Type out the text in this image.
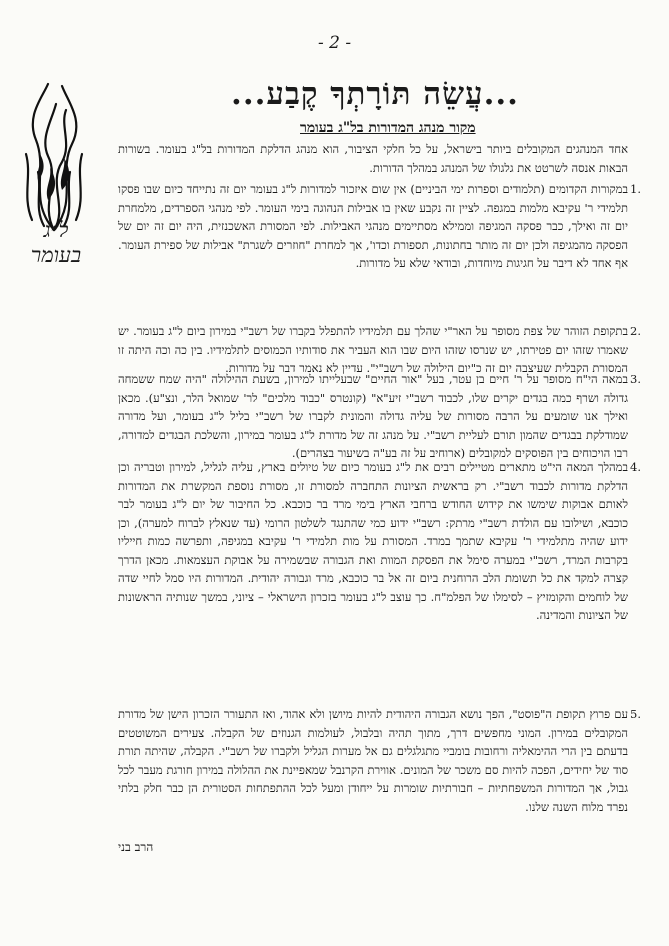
- 2 -
ל״ג בעומר
...עֲשֵׂה תּוֹרָתְךָ קֶבַע...
מקור מנהג המדורות בל"ג בעומר
אחד המנהגים המקובלים ביותר בישראל, על כל חלקי הציבור, הוא מנהג הדלקת המדורות בל"ג בעומר. בשורות הבאות אנסה לשרטט את גלגולו של המנהג במהלך הדורות.
1.
במקורות הקדומים (תלמודים וספרות ימי הביניים) אין שום איזכור למדורות ל"ג בעומר יום זה נתייחד כיום שבו פסקו תלמידי ר' עקיבא מלמות במגפה. לציין זה נקבע שאין בו אבילות הנהוגה בימי העומר. לפי מנהגי הספרדים, מלמחרת יום זה ואילך, כבר פסקה המגיפה וממילא מסתיימים מנהגי האבילות. לפי המסורת האשכנזית, היה יום זה יום של הפסקה מהמגיפה ולכן יום זה מותר בחתונות, תספורת וכדו', אך למחרת "חוזרים לשגרת" אבילות של ספירת העומר. אף אחד לא דיבר על חגיגות מיוחדות, ובודאי שלא על מדורות.
2.
בתקופת הזוהר של צפת מסופר על האר"י שהלך עם תלמידיו להתפלל בקברו של רשב"י במירון ביום ל"ג בעומר. יש שאמרו שזהו יום פטירתו, יש שנרסו שזהו היום שבו הוא העביר את סודותיו הכמוסים לתלמידיו. בין כה וכה היתה זו המסורת הקבלית שעיצבה יום זה כ"יום הילולה של רשב"י". עדיין לא נאמר דבר על מדורות.
3.
במאה הי"ח מסופר על ר' חיים בן עטר, בעל "אור החיים" שבעלייתו למירון, בשעת ההילולה "היה שמח ששמחה גדולה ושרף כמה בגדים יקרים שלו, לכבוד רשב"י זיע"א" (קונטרס "כבוד מלכים" לר' שמואל הלר, ונצ"ע). מכאן ואילך אנו שומעים על הרבה מסורות של עליה גדולה והמונית לקברו של רשב"י בליל ל"ג בעומר, ועל מדורה שמודלקת בבגדים שהמון תורם לעליית רשב"י. על מנהג זה של מדורת ל"ג בעומר במירון, והשלכת הבגדים למדורה, רבו הויכוחים בין הפוסקים למקובלים (ארוחיב על זה בע"ה בשיעור בצהרים).
4.
במהלך המאה הי"ט מתארים מטיילים רבים את ל"ג בעומר כיום של טיולים בארץ, עליה לגליל, למירון וטבריה וכן הדלקת מדורות לכבוד רשב"י. רק בראשית הציונות התחברה למסורת זו, מסורת נוספת המקשרת את המדורות לאותם אבוקות שימשו את קידוש החודש ברחבי הארץ בימי מרד בר כוכבא. כל החיבור של יום ל"ג בעומר לבר כוכבא, ושילובו עם הולדת רשב"י מרתק: רשב"י ידוע כמי שהתנגד לשלטון הרומי (עד שנאלץ לברוח למערה), וכן ידוע שהיה מתלמידי ר' עקיבא שתמך במרד. המסורת על מות תלמידי ר' עקיבא במגיפה, ותפרשה כמות חייליו בקרבות המרד, רשב"י במערה סימל את הפסקת המוות ואת הגבורה שבשמירה על אבוקת העצמאות. מכאן הדרך קצרה למקד את כל תשומת הלב הרוחנית ביום זה אל בר כוכבא, מרד וגבורה יהודית. המדורות היו סמל לחיי שדה של לוחמים והקומזיץ – לסימלו של הפלמ"ח. כך עוצב ל"ג בעומר בזכרון הישראלי – ציוני, במשך שנותיה הראשונות של הציונות והמדינה.
5.
עם פרוץ תקופת ה"פוסט", הפך נושא הגבורה היהודית להיות מיושן ולא אהוד, ואז התעורר הזכרון הישן של מדורת המקובלים במירון. המוני מחפשים דרך, מתוך תהיה ובלבול, לעולמות הגנוזים של הקבלה. צעירים המשוטטים בדעתם בין הרי ההימאליה ורחובות בומביי מתגלגלים גם אל מערות הגליל ולקברו של רשב"י. הקבלה, שהיתה תורת סוד של יחידים, הפכה להיות סם משכר של המונים. אווירת הקרנבל שמאפיינת את ההלולה במירון חורגת מעבר לכל גבול, אך המדורות המשפחתיות – חבורתיות שומרות על ייחודן ומעל לכל ההתפתחות הסטורית הן כבר חלק בלתי נפרד מלוח השנה שלנו.
הרב בני
